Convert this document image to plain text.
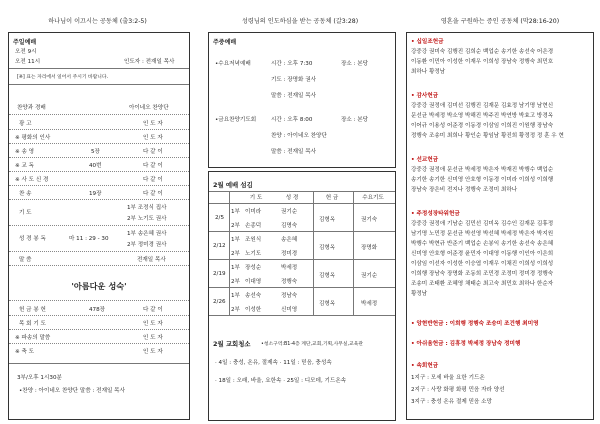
하나님이 이끄시는 공동체 (출3:2-5)
주일예배
오전 9시
오전 11시	인도자 : 전재일 목사
[※] 표는 자리에서 일어서 주시기 바랍니다.
찬양과 경배	아이네오 찬양단
광 고	인 도 자
※ 평화의 인사	인 도 자
※ 송 영	5장	다 같 이
※ 교 독	40번	다 같 이
※ 사 도 신 경	다 같 이
찬 송	19장	다 같 이
기 도
1부 조정식 집사
2부 노기도 권사
성 경 봉 독	마 11 : 29 - 30
1부 송은혜 권사
2부 정미경 권사
말 씀	전재일 목사
'아름다운 성숙'
헌 금 봉 헌	478장	다 같 이
목 회 기 도	인 도 자
※ 파송의 말씀	인 도 자
※ 축 도	인 도 자
3부/오후 1시30분
•찬양 : 아이네오 찬양단 말씀 : 전재일 목사
성령님의 인도하심을 받는 공동체 (갈3:28)
주중예배
•수요저녁예배	시간 : 오후 7:30	장소 : 본당
기도 : 장명화 권사
말씀 : 전재일 목사
•금요찬양기도회	시간 : 오후 8:00	장소 : 본당
찬양 : 아이네오 찬양단
말씀 : 전재일 목사
2월 예배 섬김
기 도	성 경	헌 금	수요기도
2/5
1부 이미라	권기순
2부 손종덕	김명숙
김형옥	권기숙
2/12
1부 조원식	송은혜
2부 노기도	정미경
김형옥	장명화
2/19
1부 장성순	박세정
2부 이대영	정행숙
김형옥	권기순
2/26
1부 송선숙	정남숙
2부 이성한	신미영
김형옥	박세정
2월 교회청소 •청소구역:B1-4층 계단,교회,기획,사무실,교육관
· 4일 : 충성, 온유, 절제속 · 11일 : 믿음, 충성속
· 18일 : 오래, 바울, 요한속 · 25일 : 디모데, 기드온속
영혼을 구원하는 증인 공동체 (막28:16-20)
• 십일조헌금
강중강 권미숙 김행진 김희순 백업순 송기한 송선숙 어은경
이동환 이민아 이성한 이재우 이희성 장남숙 정행숙 최민호
최하나 황정남
• 감사헌금
강중강 권정애 김미선 김행진 김재문 김효정 남기명 남현신
문선균 박세정 박소영 박해진 박주진 박연방 박효고 방경옥
이어규 이용성 어준경 이동경 이삼임 이희진 이원행 장남숙
정행숙 조송미 최희나 황인순 황임남 황진희 황정정 정 훈 우 현
• 선교헌금
강중강 권정애 문선균 박세정 박은자 박재진 박행수 백업순
송기한 송기한 신미영 안호형 이동경 이미라 이희성 이희행
장남숙 장은비 전지나 정행숙 조정미 최하나
• 주정성장타워헌금
강중강 권정애 기남순 김민선 김미옥 김수인 김재문 김휴정
남기명 노민정 문선균 박선영 박선혜 박세정 박은자 박지원
박행수 박현규 반준기 백업순 손봉익 송기한 송선숙 송은혜
신미영 안호형 어준경 윤민자 이대영 이동행 이인아 이은희
이삼임 이선자 이성한 이승엽 이재우 이채진 이희성 이희성
이희행 장남숙 장명화 조동희 조민경 조정미 정미경 정행숙
조송미 조태환 조혜영 채태순 최고숙 최민호 최하나 한순자
황정남
• 앙현반헌금 : 이희행 정행숙 조승미 조건행 최미영
• 아쉬움헌금 : 김휴정 박세정 장남숙 정미행
• 속회헌금
1지구 : 모세 바울 요한 기드온
2지구 : 사랑 화평 화평 민음 자라 양선
3지구 : 충성 온유 절제 믿음 소망
